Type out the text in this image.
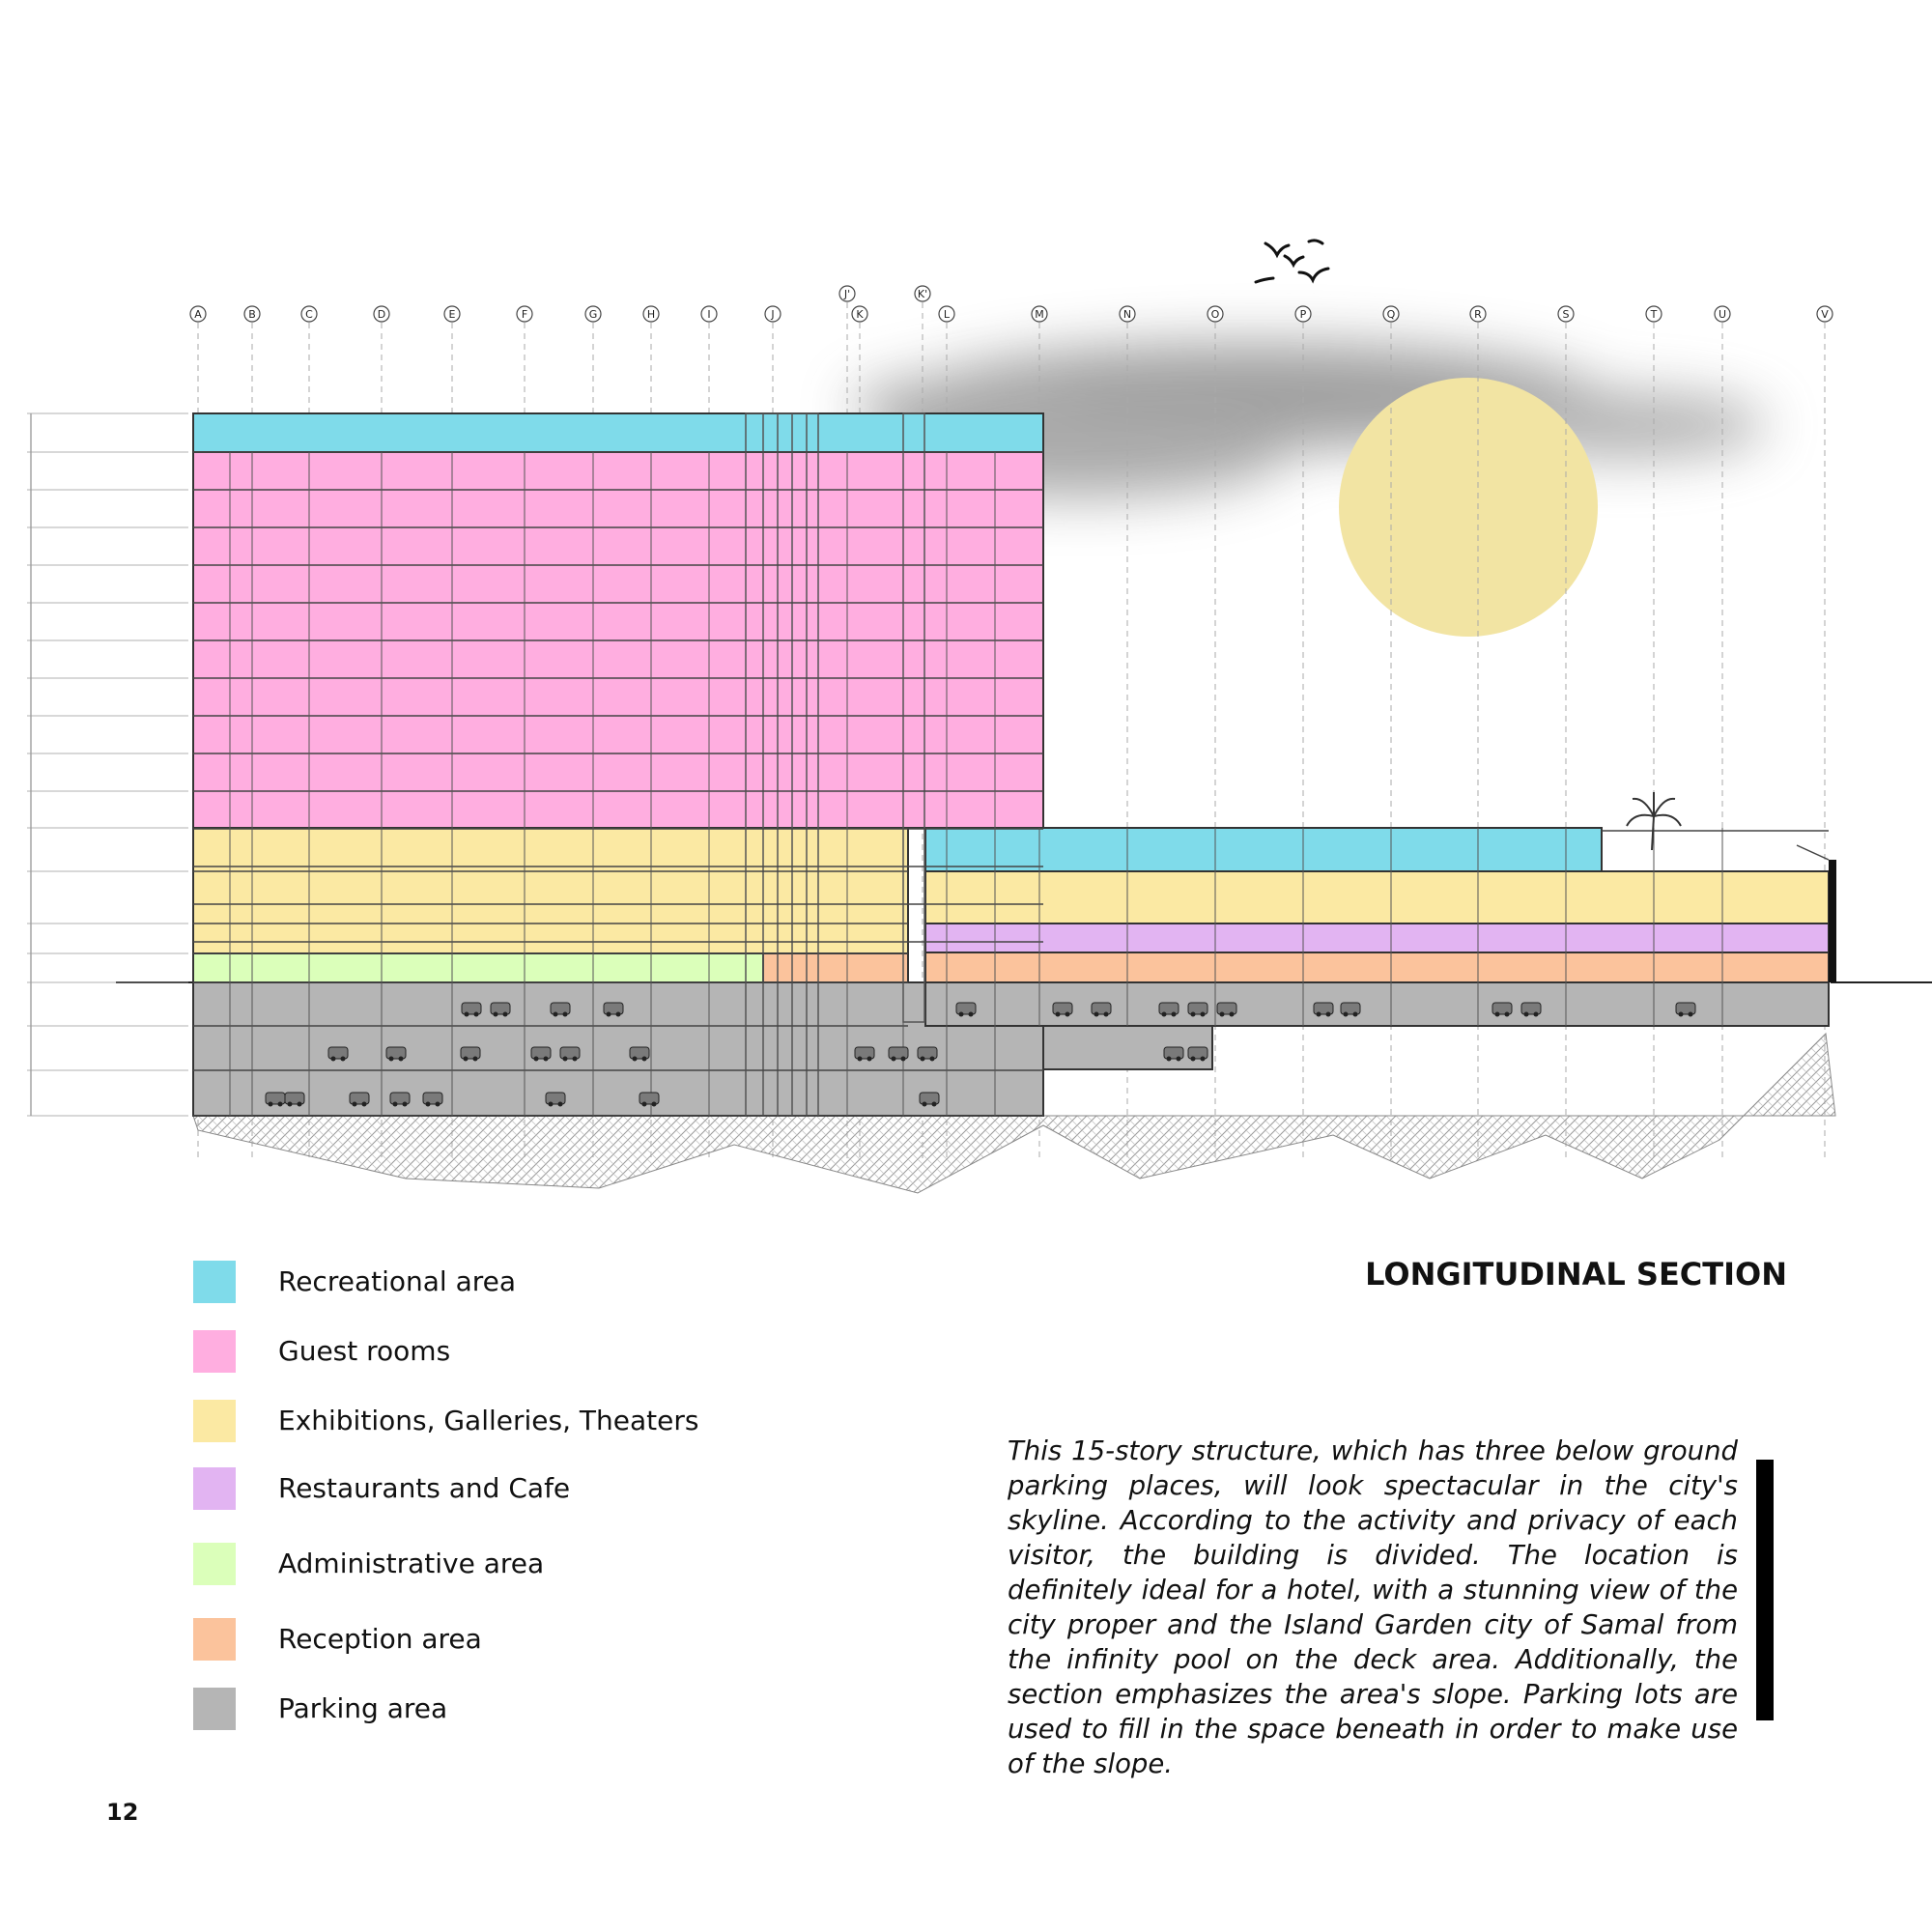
A	B	C	D	E	F	G	H	I	J
J'
K
K'
L	M	N	O	P	Q	R	S	T	U	V
Recreational area
Guest rooms
Exhibitions, Galleries, Theaters
Restaurants and Cafe
Administrative area
Reception area
Parking area
LONGITUDINAL SECTION
This 15-story structure, which has three below ground parking places, will look spectacular in the city's skyline. According to the activity and privacy of each visitor, the building is divided. The location is definitely ideal for a hotel, with a stunning view of the city proper and the Island Garden city of Samal from the infinity pool on the deck area. Additionally, the section emphasizes the area's slope. Parking lots are used to fill in the space beneath in order to make use of the slope.
12
